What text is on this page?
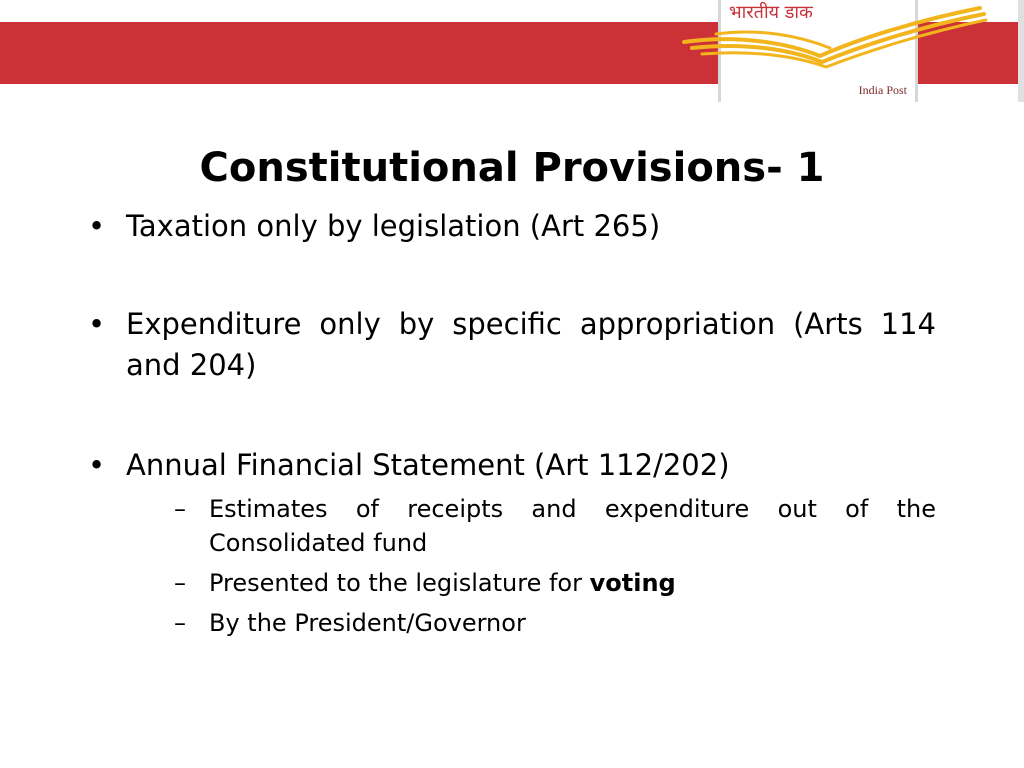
भारतीय डाक
India Post
Constitutional Provisions- 1
• Taxation only by legislation (Art 265)
• Expenditure only by specific appropriation (Arts 114 and 204)
• Annual Financial Statement (Art 112/202)
– Estimates of receipts and expenditure out of the Consolidated fund
– Presented to the legislature for voting
– By the President/Governor
